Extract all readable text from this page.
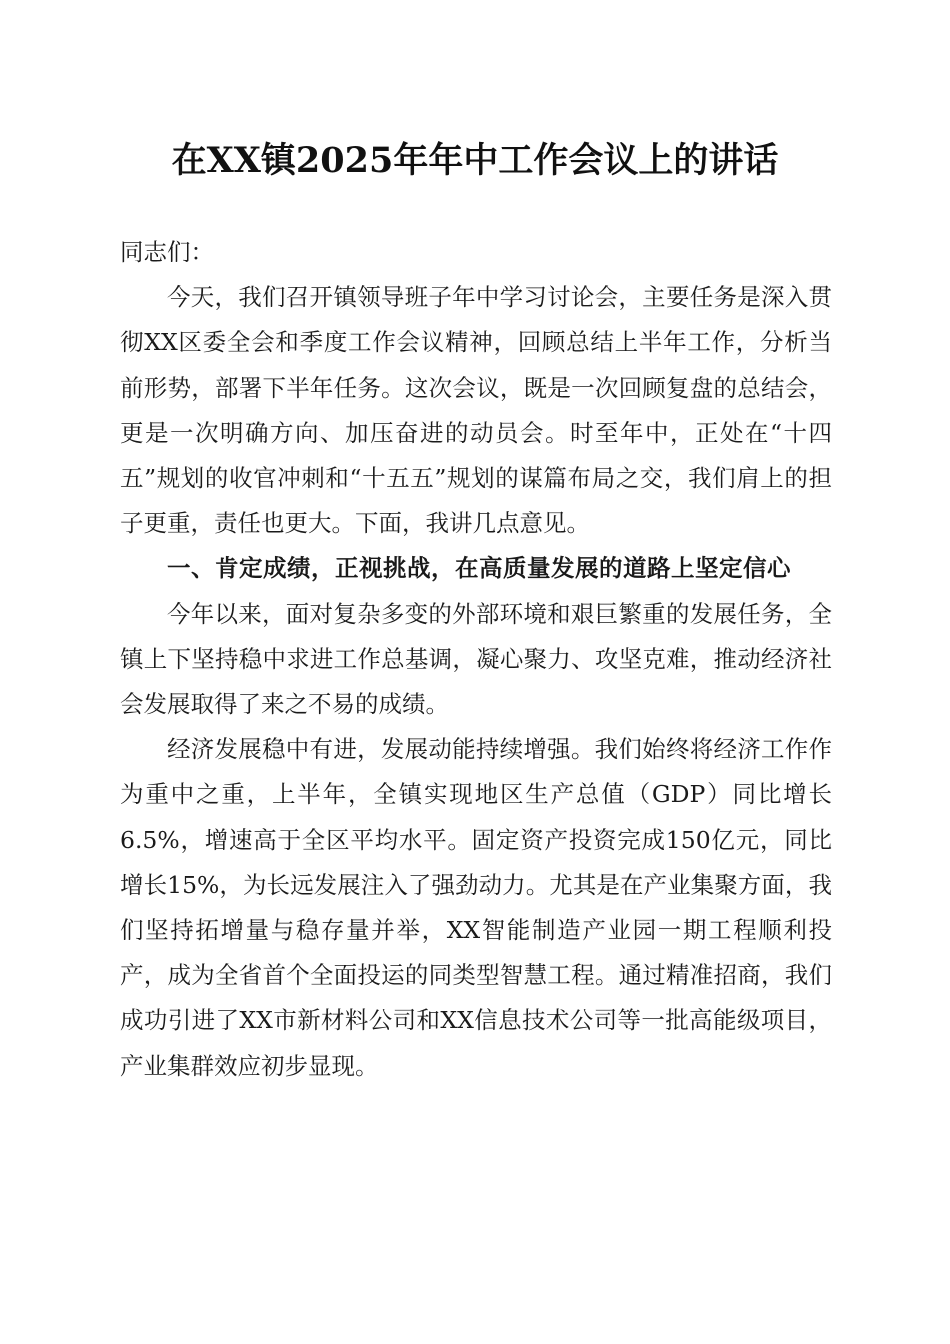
在XX镇2025年年中工作会议上的讲话

同志们：

今天，我们召开镇领导班子年中学习讨论会，主要任务是深入贯彻XX区委全会和季度工作会议精神，回顾总结上半年工作，分析当前形势，部署下半年任务。这次会议，既是一次回顾复盘的总结会，更是一次明确方向、加压奋进的动员会。时至年中，正处在“十四五”规划的收官冲刺和“十五五”规划的谋篇布局之交，我们肩上的担子更重，责任也更大。下面，我讲几点意见。

一、肯定成绩，正视挑战，在高质量发展的道路上坚定信心

今年以来，面对复杂多变的外部环境和艰巨繁重的发展任务，全镇上下坚持稳中求进工作总基调，凝心聚力、攻坚克难，推动经济社会发展取得了来之不易的成绩。

经济发展稳中有进，发展动能持续增强。我们始终将经济工作作为重中之重，上半年，全镇实现地区生产总值（GDP）同比增长6.5%，增速高于全区平均水平。固定资产投资完成150亿元，同比增长15%，为长远发展注入了强劲动力。尤其是在产业集聚方面，我们坚持拓增量与稳存量并举，XX智能制造产业园一期工程顺利投产，成为全省首个全面投运的同类型智慧工程。通过精准招商，我们成功引进了XX市新材料公司和XX信息技术公司等一批高能级项目，产业集群效应初步显现。
